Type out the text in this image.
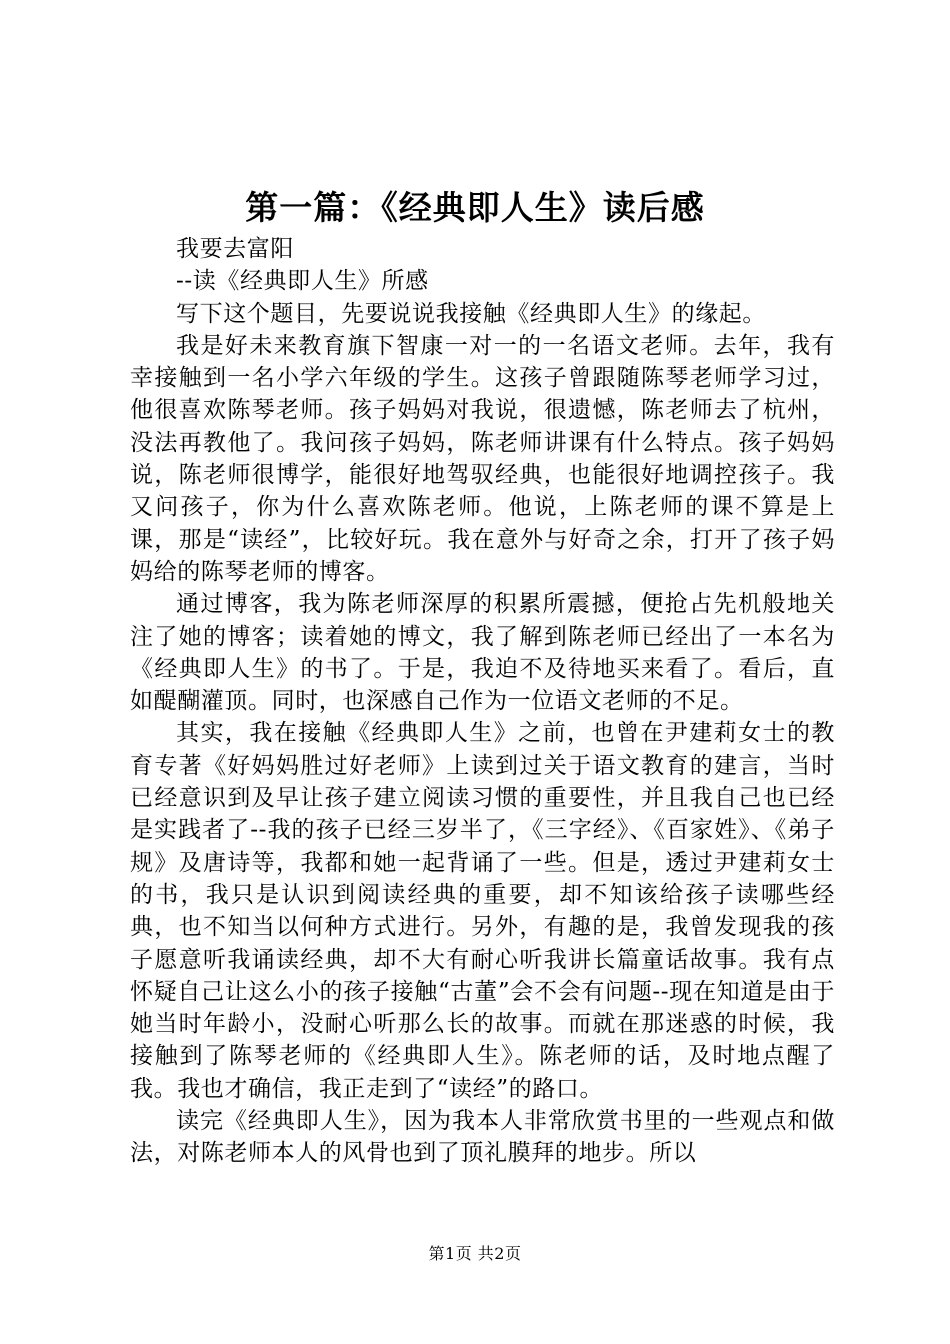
第一篇：《经典即人生》读后感

我要去富阳

--读《经典即人生》所感

写下这个题目，先要说说我接触《经典即人生》的缘起。

我是好未来教育旗下智康一对一的一名语文老师。去年，我有幸接触到一名小学六年级的学生。这孩子曾跟随陈琴老师学习过，他很喜欢陈琴老师。孩子妈妈对我说，很遗憾，陈老师去了杭州，没法再教他了。我问孩子妈妈，陈老师讲课有什么特点。孩子妈妈说，陈老师很博学，能很好地驾驭经典，也能很好地调控孩子。我又问孩子，你为什么喜欢陈老师。他说，上陈老师的课不算是上课，那是“读经”，比较好玩。我在意外与好奇之余，打开了孩子妈妈给的陈琴老师的博客。

通过博客，我为陈老师深厚的积累所震撼，便抢占先机般地关注了她的博客；读着她的博文，我了解到陈老师已经出了一本名为《经典即人生》的书了。于是，我迫不及待地买来看了。看后，直如醍醐灌顶。同时，也深感自己作为一位语文老师的不足。

其实，我在接触《经典即人生》之前，也曾在尹建莉女士的教育专著《好妈妈胜过好老师》上读到过关于语文教育的建言，当时已经意识到及早让孩子建立阅读习惯的重要性，并且我自己也已经是实践者了--我的孩子已经三岁半了，《三字经》、《百家姓》、《弟子规》及唐诗等，我都和她一起背诵了一些。但是，透过尹建莉女士的书，我只是认识到阅读经典的重要，却不知该给孩子读哪些经典，也不知当以何种方式进行。另外，有趣的是，我曾发现我的孩子愿意听我诵读经典，却不大有耐心听我讲长篇童话故事。我有点怀疑自己让这么小的孩子接触“古董”会不会有问题--现在知道是由于她当时年龄小，没耐心听那么长的故事。而就在那迷惑的时候，我接触到了陈琴老师的《经典即人生》。陈老师的话，及时地点醒了我。我也才确信，我正走到了“读经”的路口。

读完《经典即人生》，因为我本人非常欣赏书里的一些观点和做法，对陈老师本人的风骨也到了顶礼膜拜的地步。所以

第1页 共2页
